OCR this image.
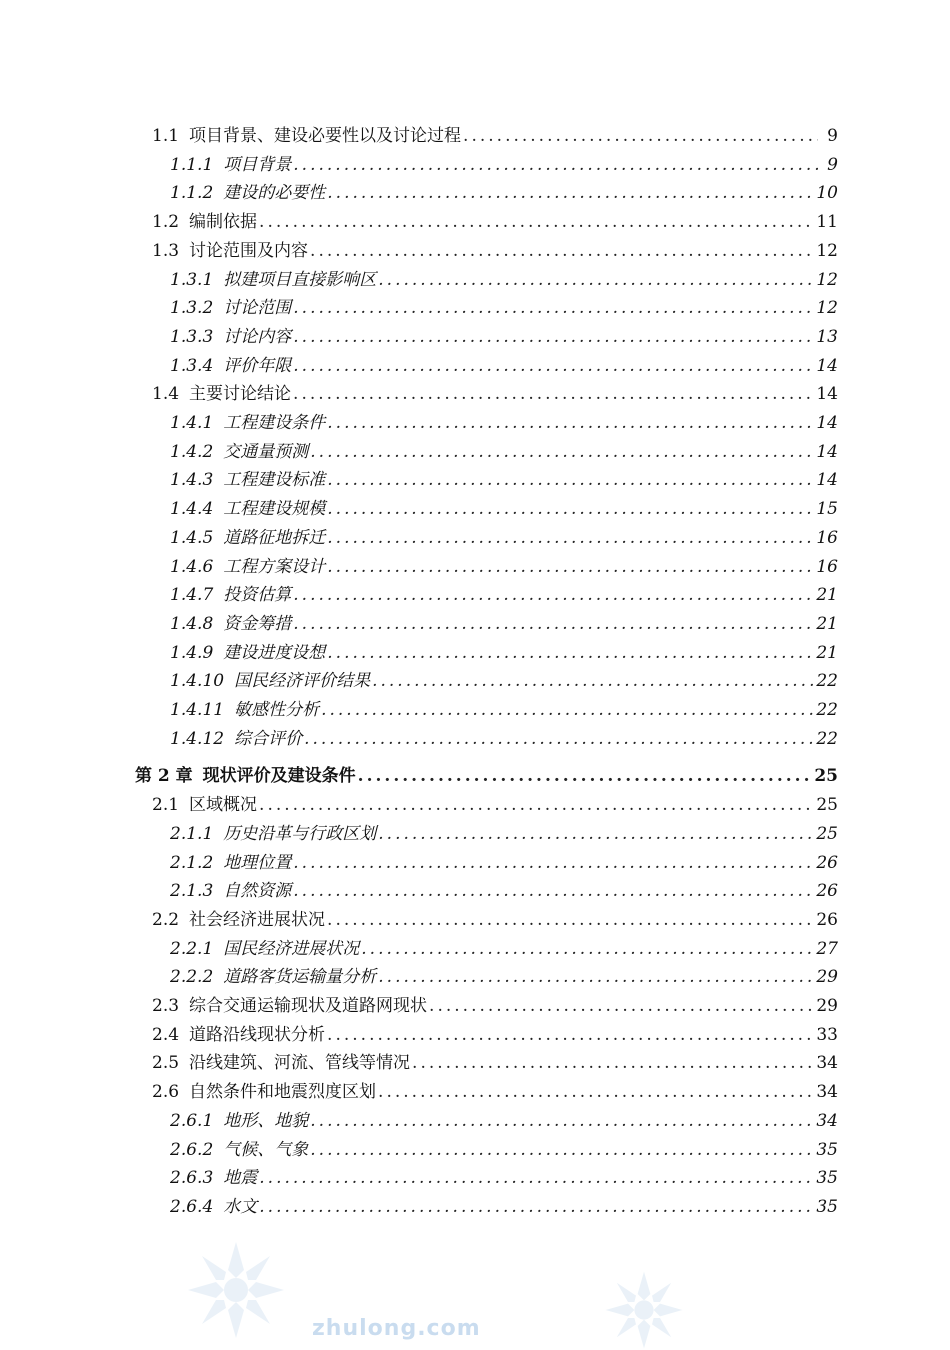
1.1 项目背景、建设必要性以及讨论过程 .....	9
1.1.1 项目背景 .....	9
1.1.2 建设的必要性 .....	10
1.2 编制依据 .....	11
1.3 讨论范围及内容 .....	12
1.3.1 拟建项目直接影响区 .....	12
1.3.2 讨论范围 .....	12
1.3.3 讨论内容 .....	13
1.3.4 评价年限 .....	14
1.4 主要讨论结论 .....	14
1.4.1 工程建设条件 .....	14
1.4.2 交通量预测 .....	14
1.4.3 工程建设标准 .....	14
1.4.4 工程建设规模 .....	15
1.4.5 道路征地拆迁 .....	16
1.4.6 工程方案设计 .....	16
1.4.7 投资估算 .....	21
1.4.8 资金筹措 .....	21
1.4.9 建设进度设想 .....	21
1.4.10 国民经济评价结果 .....	22
1.4.11 敏感性分析 .....	22
1.4.12 综合评价 .....	22
第 2 章 现状评价及建设条件 .....	25
2.1 区域概况 .....	25
2.1.1 历史沿革与行政区划 .....	25
2.1.2 地理位置 .....	26
2.1.3 自然资源 .....	26
2.2 社会经济进展状况 .....	26
2.2.1 国民经济进展状况 .....	27
2.2.2 道路客货运输量分析 .....	29
2.3 综合交通运输现状及道路网现状 .....	29
2.4 道路沿线现状分析 .....	33
2.5 沿线建筑、河流、管线等情况 .....	34
2.6 自然条件和地震烈度区划 .....	34
2.6.1 地形、地貌 .....	34
2.6.2 气候、气象 .....	35
2.6.3 地震 .....	35
2.6.4 水文 .....	35
zhulong.com
